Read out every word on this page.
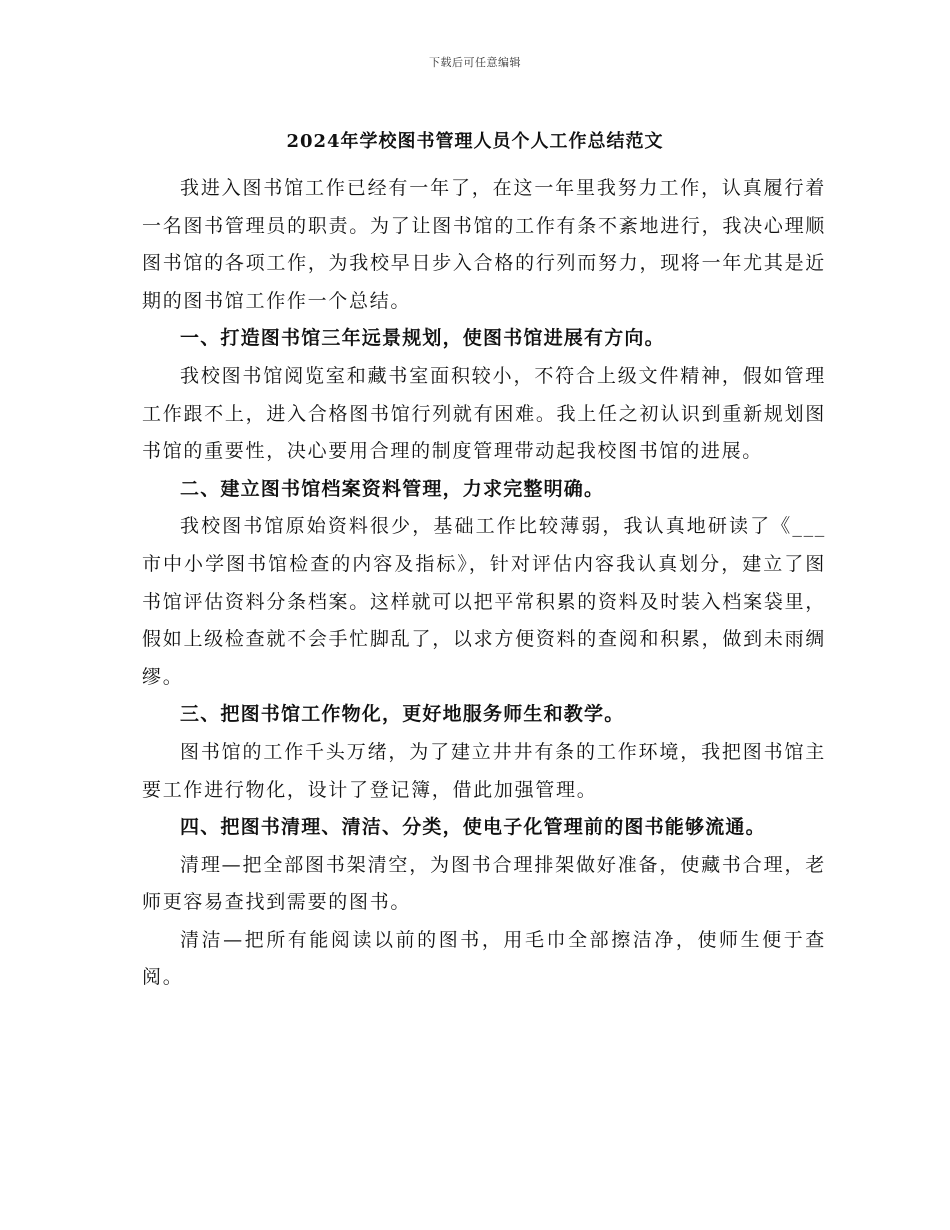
下载后可任意编辑
2024年学校图书管理人员个人工作总结范文

我进入图书馆工作已经有一年了，在这一年里我努力工作，认真履行着一名图书管理员的职责。为了让图书馆的工作有条不紊地进行，我决心理顺图书馆的各项工作，为我校早日步入合格的行列而努力，现将一年尤其是近期的图书馆工作作一个总结。

一、打造图书馆三年远景规划，使图书馆进展有方向。

我校图书馆阅览室和藏书室面积较小，不符合上级文件精神，假如管理工作跟不上，进入合格图书馆行列就有困难。我上任之初认识到重新规划图书馆的重要性，决心要用合理的制度管理带动起我校图书馆的进展。

二、建立图书馆档案资料管理，力求完整明确。

我校图书馆原始资料很少，基础工作比较薄弱，我认真地研读了《___市中小学图书馆检查的内容及指标》，针对评估内容我认真划分，建立了图书馆评估资料分条档案。这样就可以把平常积累的资料及时装入档案袋里，假如上级检查就不会手忙脚乱了，以求方便资料的查阅和积累，做到未雨绸缪。

三、把图书馆工作物化，更好地服务师生和教学。

图书馆的工作千头万绪，为了建立井井有条的工作环境，我把图书馆主要工作进行物化，设计了登记簿，借此加强管理。

四、把图书清理、清洁、分类，使电子化管理前的图书能够流通。

清理—把全部图书架清空，为图书合理排架做好准备，使藏书合理，老师更容易查找到需要的图书。

清洁—把所有能阅读以前的图书，用毛巾全部擦洁净，使师生便于查阅。
